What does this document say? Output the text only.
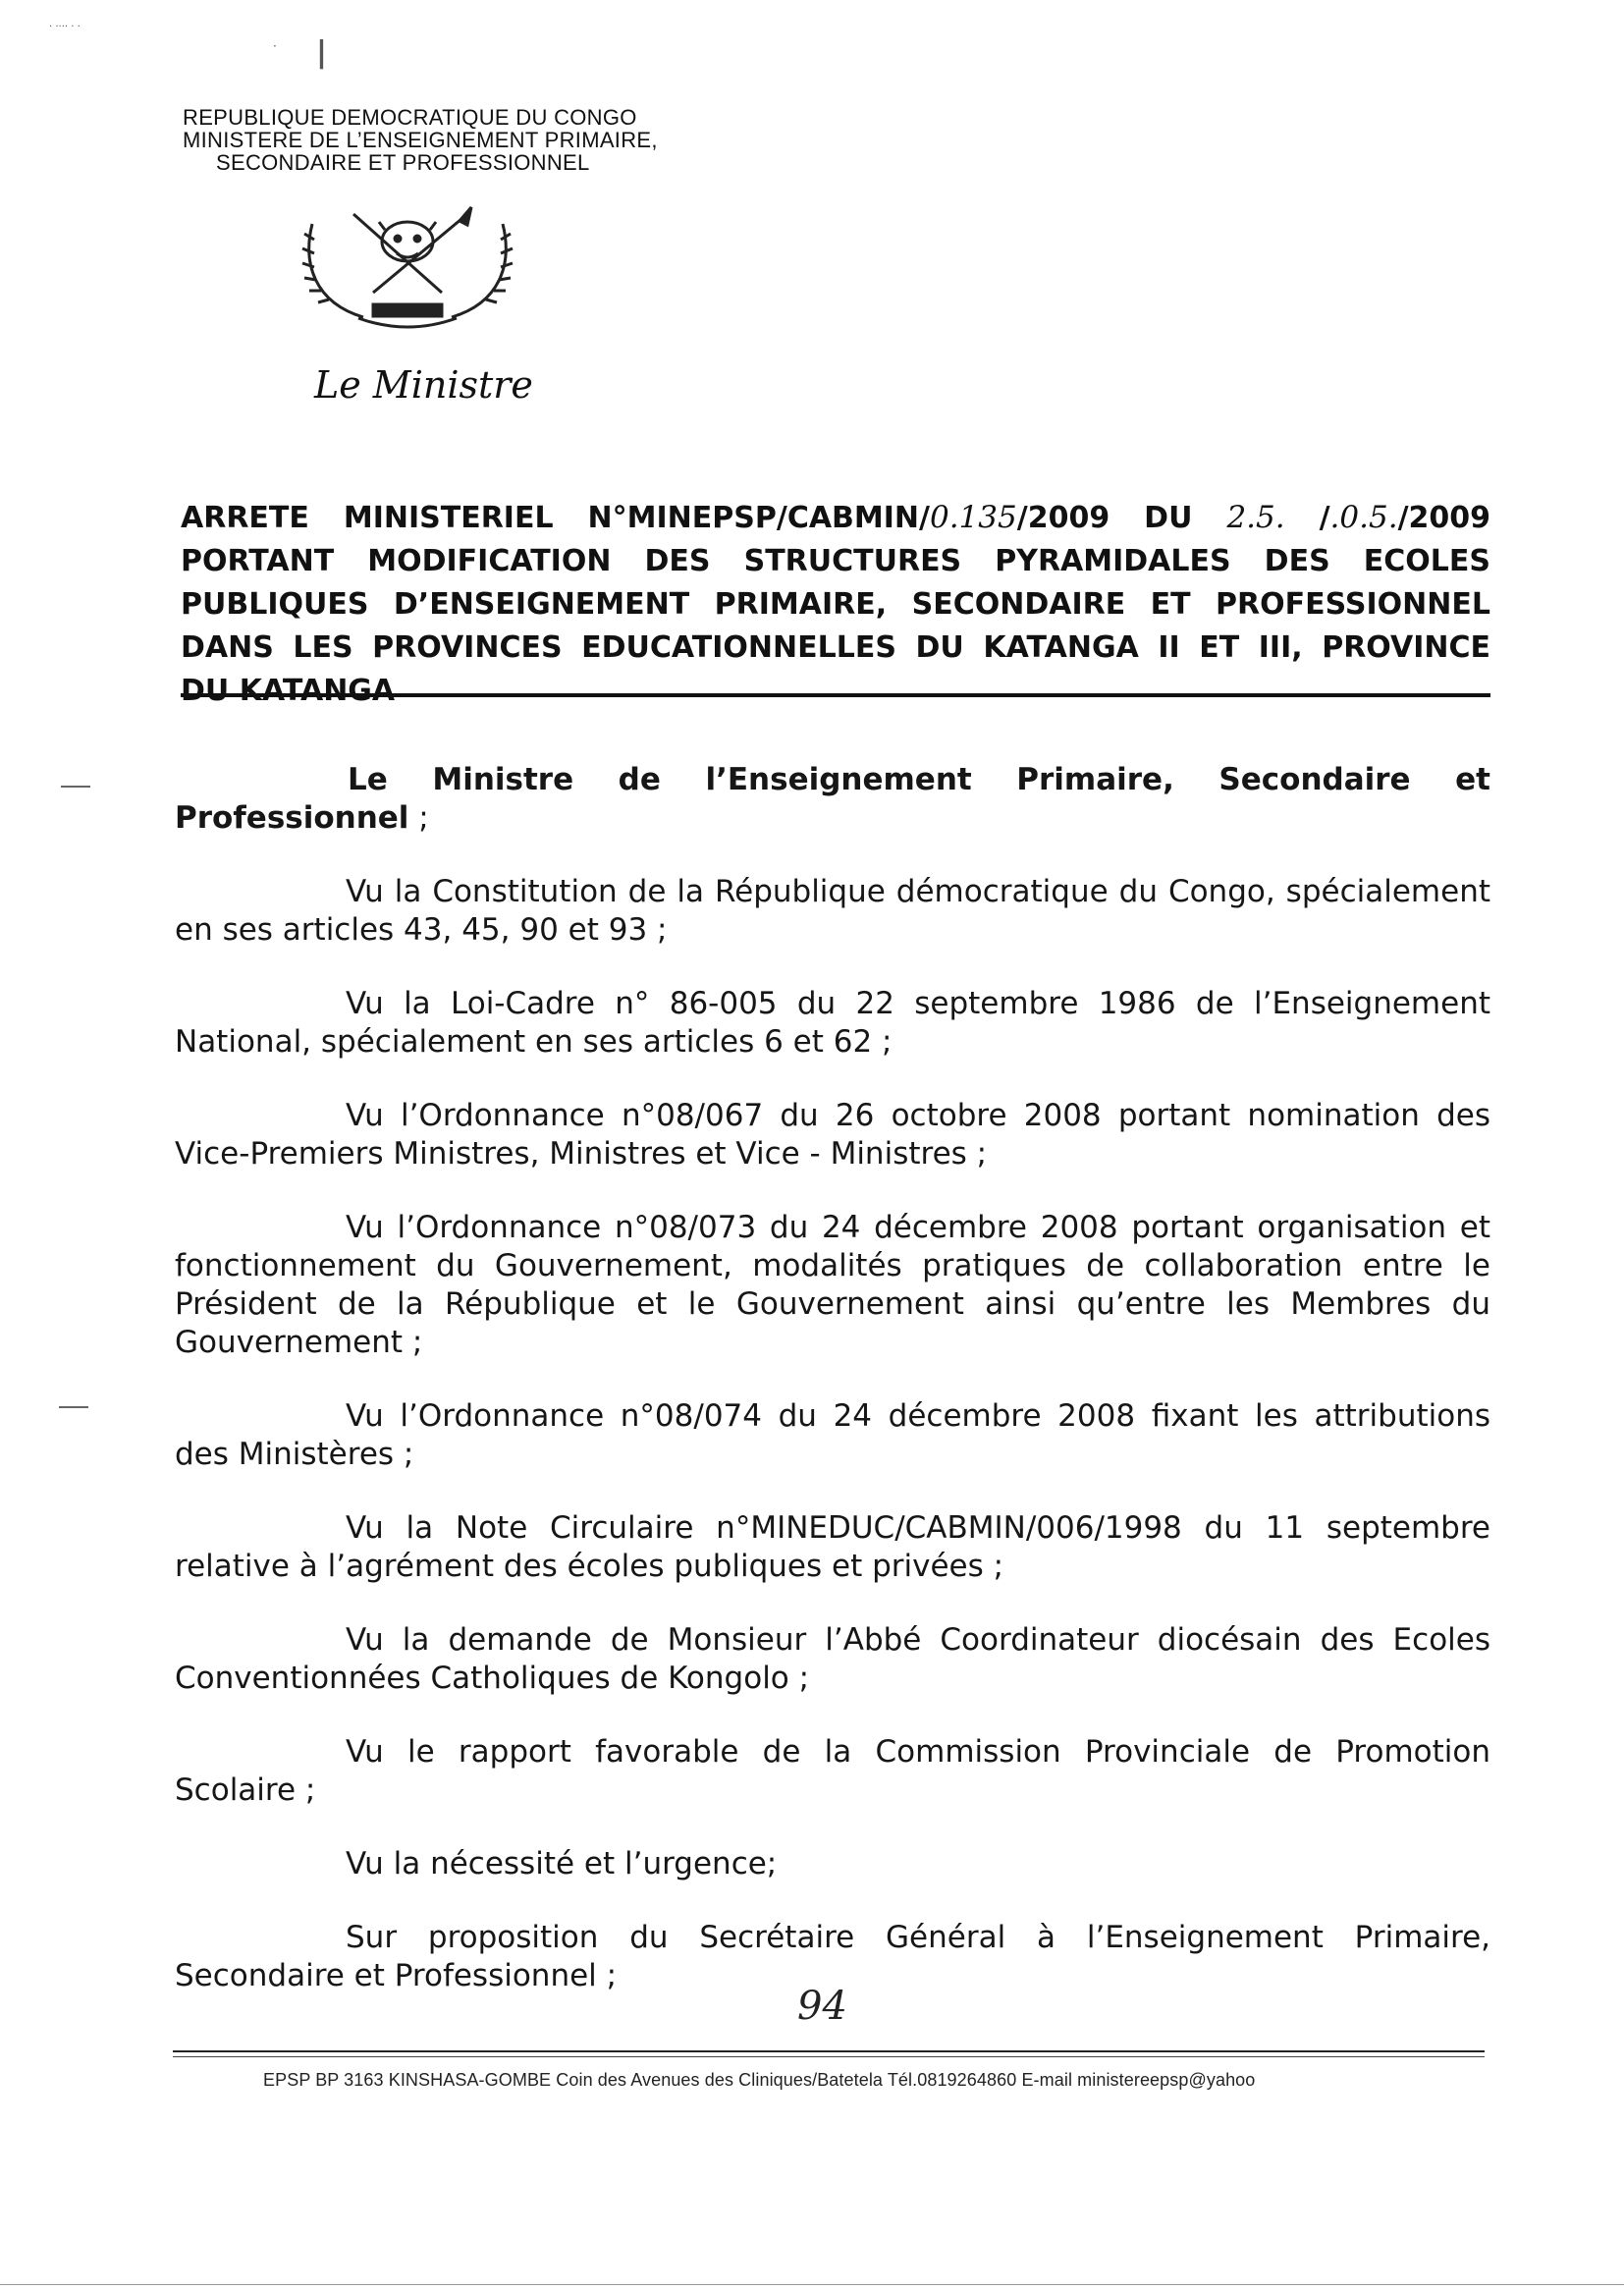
· ···· · ·
· |
REPUBLIQUE DEMOCRATIQUE DU CONGO
MINISTERE DE L’ENSEIGNEMENT PRIMAIRE,
SECONDAIRE ET PROFESSIONNEL
Le Ministre
ARRETE MINISTERIEL N°MINEPSP/CABMIN/0.135/2009 DU 2.5. /.0.5./2009
PORTANT MODIFICATION DES STRUCTURES PYRAMIDALES DES ECOLES
PUBLIQUES D’ENSEIGNEMENT PRIMAIRE, SECONDAIRE ET PROFESSIONNEL
DANS LES PROVINCES EDUCATIONNELLES DU KATANGA II ET III, PROVINCE
DU KATANGA
Le Ministre de l’Enseignement Primaire, Secondaire et
Professionnel ;

Vu la Constitution de la République démocratique du Congo, spécialement en ses articles 43, 45, 90 et 93 ;

Vu la Loi-Cadre n° 86-005 du 22 septembre 1986 de l’Enseignement National, spécialement en ses articles 6 et 62 ;

Vu l’Ordonnance n°08/067 du 26 octobre 2008 portant nomination des Vice-Premiers Ministres, Ministres et Vice - Ministres ;

Vu l’Ordonnance n°08/073 du 24 décembre 2008 portant organisation et fonctionnement du Gouvernement, modalités pratiques de collaboration entre le Président de la République et le Gouvernement ainsi qu’entre les Membres du Gouvernement ;

Vu l’Ordonnance n°08/074 du 24 décembre 2008 fixant les attributions des Ministères ;

Vu la Note Circulaire n°MINEDUC/CABMIN/006/1998 du 11 septembre relative à l’agrément des écoles publiques et privées ;

Vu la demande de Monsieur l’Abbé Coordinateur diocésain des Ecoles Conventionnées Catholiques de Kongolo ;

Vu le rapport favorable de la Commission Provinciale de Promotion Scolaire ;

Vu la nécessité et l’urgence;

Sur proposition du Secrétaire Général à l’Enseignement Primaire, Secondaire et Professionnel ;

94
EPSP BP 3163 KINSHASA-GOMBE Coin des Avenues des Cliniques/Batetela Tél.0819264860 E-mail ministereepsp@yahoo
